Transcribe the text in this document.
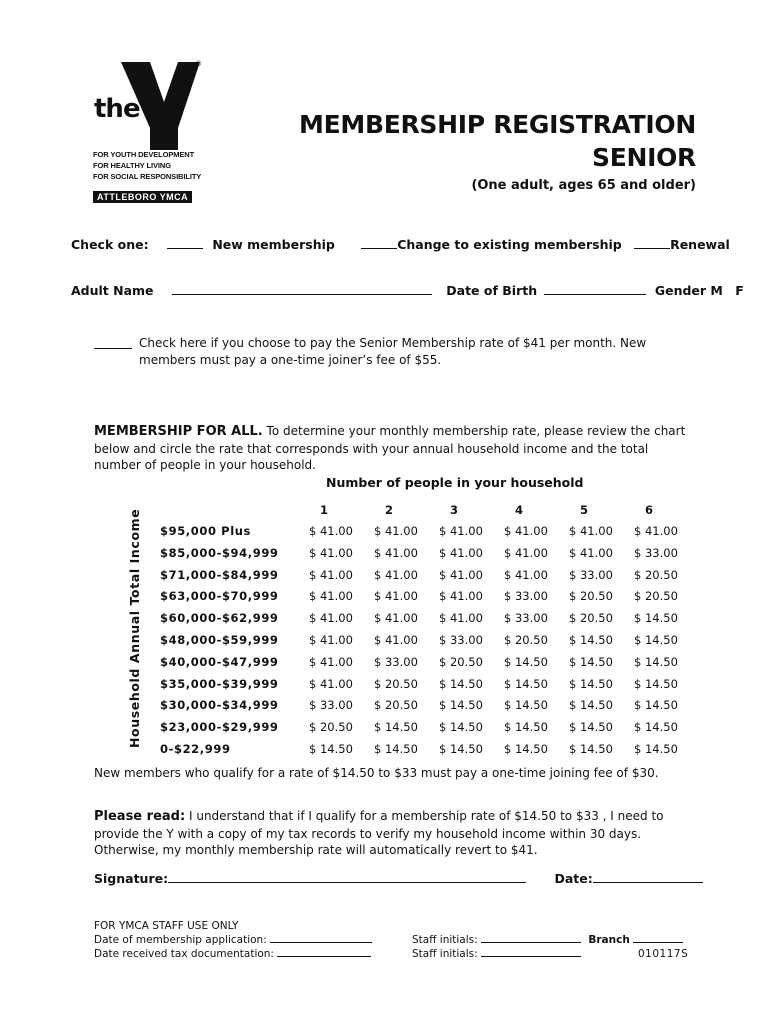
YMCA
®
the
FOR YOUTH DEVELOPMENT
FOR HEALTHY LIVING
FOR SOCIAL RESPONSIBILITY
ATTLEBORO YMCA
MEMBERSHIP REGISTRATION
SENIOR
(One adult, ages 65 and older)
Check one:	New membership	Change to existing membership	Renewal
Adult Name	Date of Birth	Gender M F
Check here if you choose to pay the Senior Membership rate of $41 per month. New
members must pay a one-time joiner’s fee of $55.
MEMBERSHIP FOR ALL. To determine your monthly membership rate, please review the chart
below and circle the rate that corresponds with your annual household income and the total
number of people in your household.
Number of people in your household
Household Annual Total Income	1	2	3	4	5	6
$95,000 Plus	$ 41.00 $ 41.00 $ 41.00 $ 41.00 $ 41.00 $ 41.00
$85,000-$94,999	$ 41.00 $ 41.00 $ 41.00 $ 41.00 $ 41.00 $ 33.00
$71,000-$84,999	$ 41.00 $ 41.00 $ 41.00 $ 41.00 $ 33.00 $ 20.50
$63,000-$70,999	$ 41.00 $ 41.00 $ 41.00 $ 33.00 $ 20.50 $ 20.50
$60,000-$62,999	$ 41.00 $ 41.00 $ 41.00 $ 33.00 $ 20.50 $ 14.50
$48,000-$59,999	$ 41.00 $ 41.00 $ 33.00 $ 20.50 $ 14.50 $ 14.50
$40,000-$47,999	$ 41.00 $ 33.00 $ 20.50 $ 14.50 $ 14.50 $ 14.50
$35,000-$39,999	$ 41.00 $ 20.50 $ 14.50 $ 14.50 $ 14.50 $ 14.50
$30,000-$34,999	$ 33.00 $ 20.50 $ 14.50 $ 14.50 $ 14.50 $ 14.50
$23,000-$29,999	$ 20.50 $ 14.50 $ 14.50 $ 14.50 $ 14.50 $ 14.50
0-$22,999	$ 14.50 $ 14.50 $ 14.50 $ 14.50 $ 14.50 $ 14.50
New members who qualify for a rate of $14.50 to $33 must pay a one-time joining fee of $30.
Please read: I understand that if I qualify for a membership rate of $14.50 to $33 , I need to
provide the Y with a copy of my tax records to verify my household income within 30 days.
Otherwise, my monthly membership rate will automatically revert to $41.
Signature:	Date:
FOR YMCA STAFF USE ONLY
Date of membership application:
Date received tax documentation:
Staff initials:	Branch
Staff initials:	010117S
